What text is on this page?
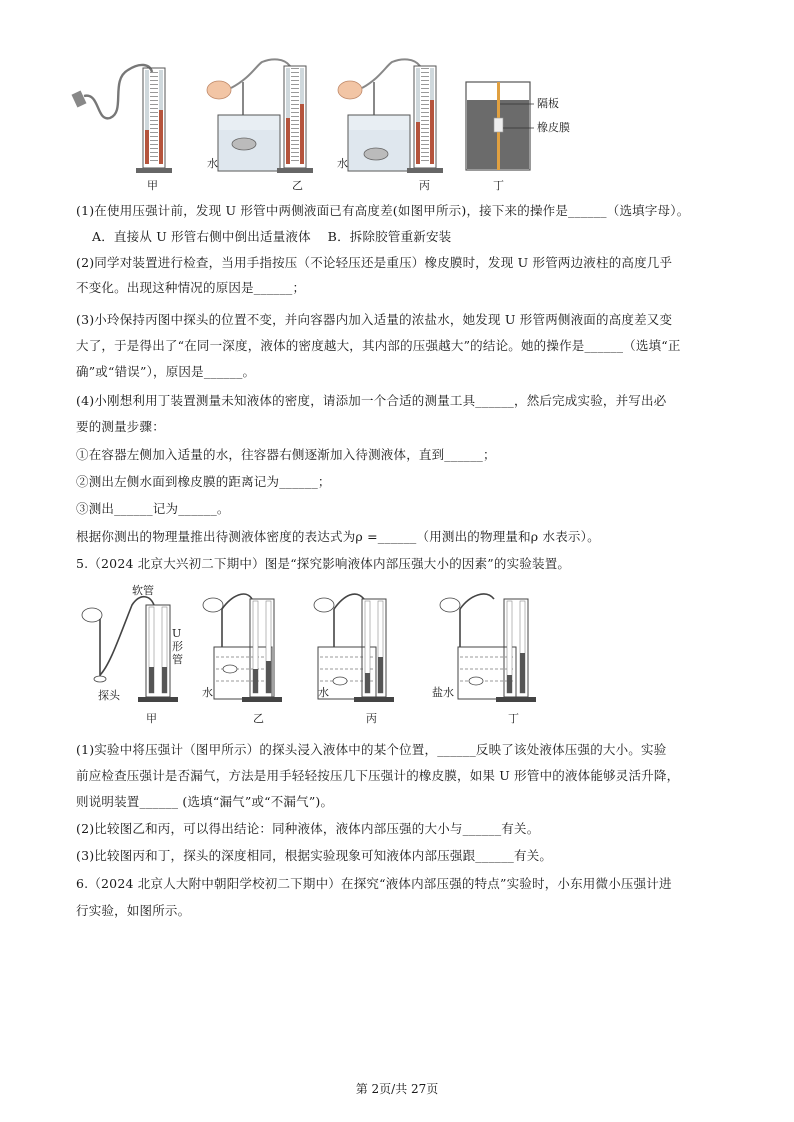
甲	乙	丙	丁
水	水
隔板
橡皮膜
(1)在使用压强计前，发现 U 形管中两侧液面已有高度差(如图甲所示)，接下来的操作是______（选填字母）。
A．直接从 U 形管右侧中倒出适量液体　 B．拆除胶管重新安装
(2)同学对装置进行检查，当用手指按压（不论轻压还是重压）橡皮膜时，发现 U 形管两边液柱的高度几乎
不变化。出现这种情况的原因是______；
(3)小玲保持丙图中探头的位置不变，并向容器内加入适量的浓盐水，她发现 U 形管两侧液面的高度差又变
大了，于是得出了“在同一深度，液体的密度越大，其内部的压强越大”的结论。她的操作是______（选填“正
确”或“错误”），原因是______。
(4)小刚想利用丁装置测量未知液体的密度，请添加一个合适的测量工具______，然后完成实验，并写出必
要的测量步骤：
①在容器左侧加入适量的水，往容器右侧逐渐加入待测液体，直到______；
②测出左侧水面到橡皮膜的距离记为______；
③测出______记为______。
根据你测出的物理量推出待测液体密度的表达式为ρ =______（用测出的物理量和ρ 水表示）。
5.（2024 北京大兴初二下期中）图是“探究影响液体内部压强大小的因素”的实验装置。
软管
U形管
探头	水	水	盐水
甲	乙	丙	丁
(1)实验中将压强计（图甲所示）的探头浸入液体中的某个位置，______反映了该处液体压强的大小。实验
前应检查压强计是否漏气，方法是用手轻轻按压几下压强计的橡皮膜，如果 U 形管中的液体能够灵活升降，
则说明装置______ (选填“漏气”或“不漏气”)。
(2)比较图乙和丙，可以得出结论：同种液体，液体内部压强的大小与______有关。
(3)比较图丙和丁，探头的深度相同，根据实验现象可知液体内部压强跟______有关。
6.（2024 北京人大附中朝阳学校初二下期中）在探究“液体内部压强的特点”实验时，小东用微小压强计进
行实验，如图所示。
第 2页/共 27页
